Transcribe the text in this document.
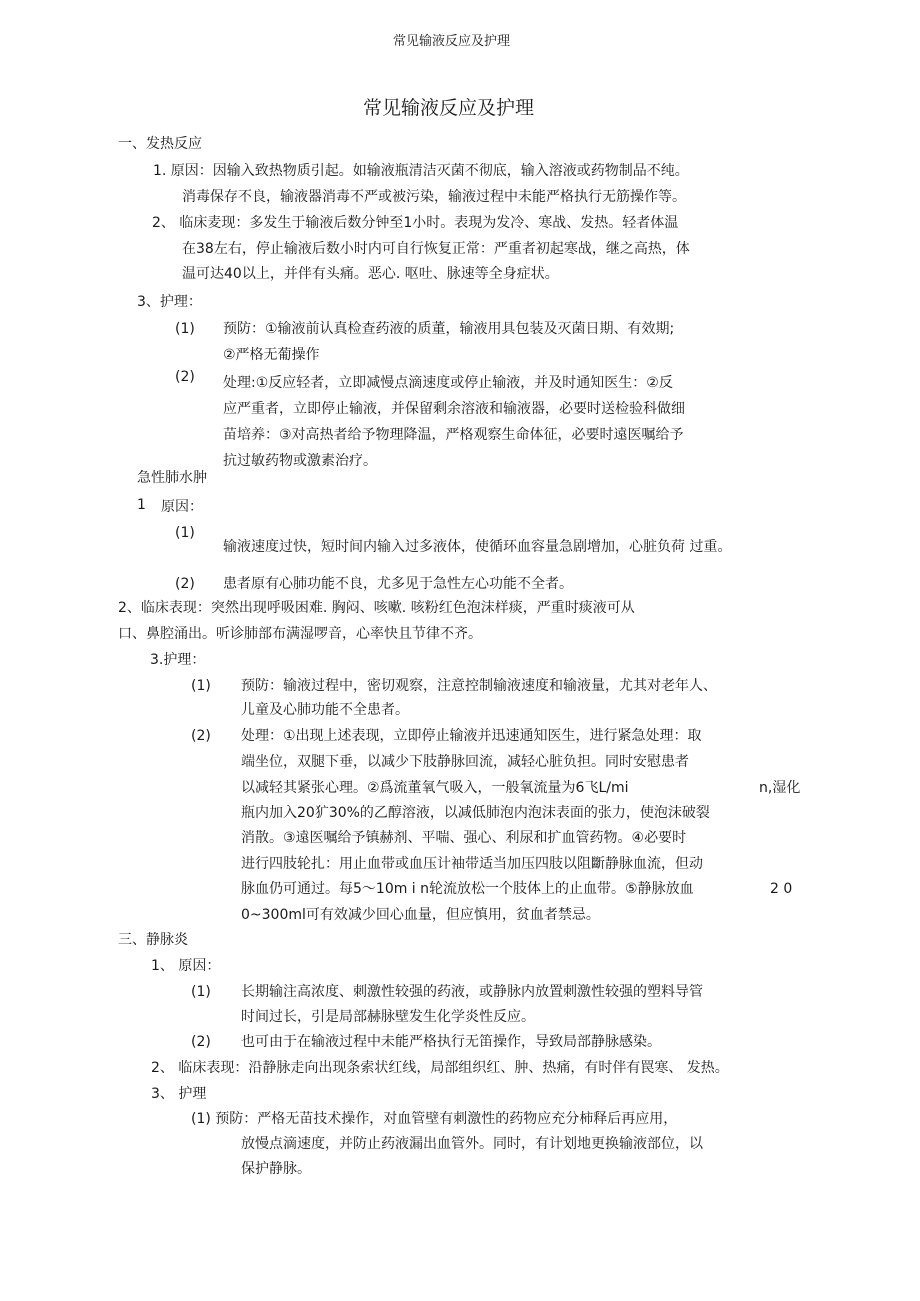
常见输液反应及护理
常见输液反应及护理
一、发热反应
1. 原因：因输入致热物质引起。如输液瓶清洁灭菌不彻底，输入溶液或药物制品不纯。
消毒保存不良，输液器消毒不严或被污染，输液过程中未能严格执行无筋操作等。
2、 临床麦现：多发生于输液后数分钟至1小时。表現为发冷、寒战、发热。轻者体温
在38左右，停止输液后数小时内可自行恢复正常：严重者初起寒战，继之高热，体
温可达40以上，并伴有头痛。恶心. 呕吐、脉速等全身症状。
3、护理：
(1) 预防：①输液前认真检查药液的质董，输液用具包装及灭菌日期、有效期;
②严格无葡操作
(2) 处理:①反应轻者，立即减慢点滴速度或停止输液，并及时通知医生：②反
应严重者，立即停止输液，并保留剩余溶液和输液器，必要时送检验科做细
苗培养：③对高热者给予物理降温，严格观察生命体征，必要时遠医嘱给予
抗过敏药物或激素治疗。
急性肺水肿
1 原因：
(1)
输液速度过快，短时间内输入过多液体，使循环血容量急剧增加，心脏负荷 过重。
(2) 患者原有心肺功能不良，尤多见于急性左心功能不全者。
2、临床表现：突然出现呼吸困难. 胸闷、咳嗽. 咳粉红色泡沫样痰，严重时痰液可从
口、鼻腔涌出。听诊肺部布满湿啰音，心率快且节律不齐。
3.护理：
(1) 预防：输液过程中，密切观察，注意控制输液速度和输液量，尤其对老年人、
儿童及心肺功能不全患者。
(2) 处理：①出现上述表现，立即停止输液并迅速通知医生，进行紧急处理：取
端坐位，双腿下垂，以减少下肢静脉回流，减轻心脏负担。同时安慰患者
以减轻其紧张心理。②爲流董氧气吸入，一般氧流量为6飞L/mi	n,湿化
瓶内加入20犷30%的乙醇溶液，以减低肺泡内泡沫表面的张力，使泡沫破裂
消散。③遠医嘱给予镇赫剂、平喘、强心、利尿和扩血管药物。④必要时
进行四肢轮扎：用止血带或血压计袖带适当加压四肢以阻斷静脉血流，但动
脉血仍可通过。每5～10m i n轮流放松一个肢体上的止血带。⑤静脉放血	2 0
0~300ml可有效减少回心血量，但应慎用，贫血者禁忌。
三、静脉炎
1、 原因：
(1) 长期输注高浓度、刺激性较强的药液，或静脉内放置刺激性较强的塑料导管
时间过长，引是局部赫脉壁发生化学炎性反应。
(2) 也可由于在输液过程中未能严格执行无笛操作，导致局部静脉感染。
2、 临床表现：沿静脉走向出现条索状红线，局部组织红、肿、热痛，有时伴有罠寒、 发热。
3、 护理
(1) 预防：严格无苗技术操作，对血管壁有刺激性的药物应充分柿释后再应用，
放慢点滴速度，并防止药液漏出血管外。同时，有计划地更换输液部位，以
保护静脉。
